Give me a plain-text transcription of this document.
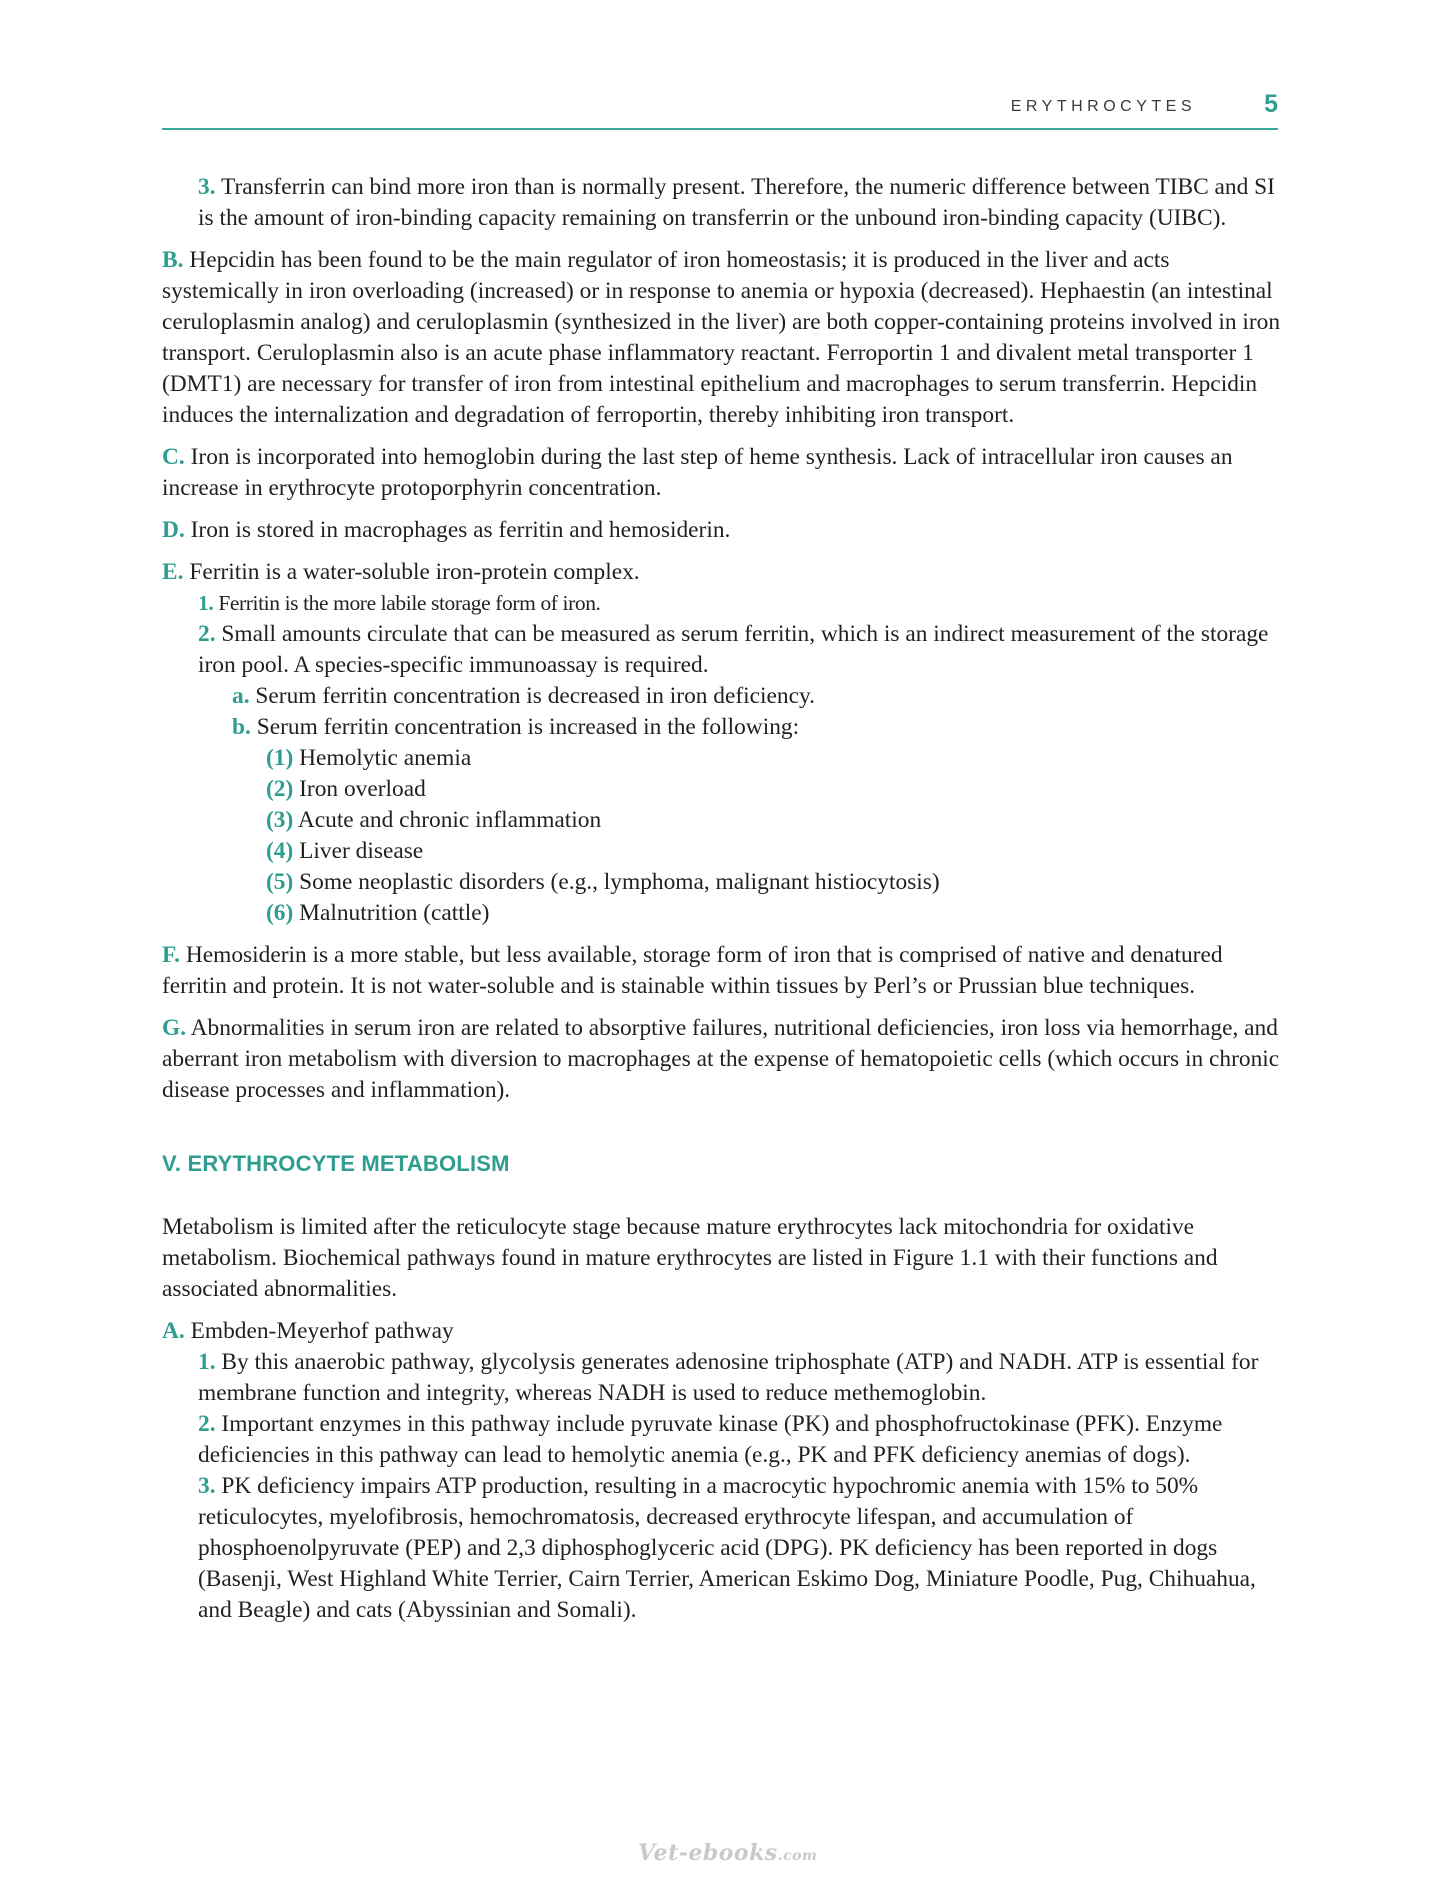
ERYTHROCYTES	5

3. Transferrin can bind more iron than is normally present. Therefore, the numeric difference between TIBC and SI is the amount of iron-binding capacity remaining on transferrin or the unbound iron-binding capacity (UIBC).

B. Hepcidin has been found to be the main regulator of iron homeostasis; it is produced in the liver and acts systemically in iron overloading (increased) or in response to anemia or hypoxia (decreased). Hephaestin (an intestinal ceruloplasmin analog) and ceruloplasmin (synthesized in the liver) are both copper-containing proteins involved in iron transport. Ceruloplasmin also is an acute phase inflammatory reactant. Ferroportin 1 and divalent metal transporter 1 (DMT1) are necessary for transfer of iron from intestinal epithelium and macrophages to serum transferrin. Hepcidin induces the internalization and degradation of ferroportin, thereby inhibiting iron transport.

C. Iron is incorporated into hemoglobin during the last step of heme synthesis. Lack of intracellular iron causes an increase in erythrocyte protoporphyrin concentration.

D. Iron is stored in macrophages as ferritin and hemosiderin.

E. Ferritin is a water-soluble iron-protein complex.

1. Ferritin is the more labile storage form of iron.

2. Small amounts circulate that can be measured as serum ferritin, which is an indirect measurement of the storage iron pool. A species-specific immunoassay is required.

a. Serum ferritin concentration is decreased in iron deficiency.

b. Serum ferritin concentration is increased in the following:

(1) Hemolytic anemia

(2) Iron overload

(3) Acute and chronic inflammation

(4) Liver disease

(5) Some neoplastic disorders (e.g., lymphoma, malignant histiocytosis)

(6) Malnutrition (cattle)

F. Hemosiderin is a more stable, but less available, storage form of iron that is comprised of native and denatured ferritin and protein. It is not water-soluble and is stainable within tissues by Perl’s or Prussian blue techniques.

G. Abnormalities in serum iron are related to absorptive failures, nutritional deficiencies, iron loss via hemorrhage, and aberrant iron metabolism with diversion to macrophages at the expense of hematopoietic cells (which occurs in chronic disease processes and inflammation).

V. ERYTHROCYTE METABOLISM

Metabolism is limited after the reticulocyte stage because mature erythrocytes lack mitochondria for oxidative metabolism. Biochemical pathways found in mature erythrocytes are listed in Figure 1.1 with their functions and associated abnormalities.

A. Embden-Meyerhof pathway

1. By this anaerobic pathway, glycolysis generates adenosine triphosphate (ATP) and NADH. ATP is essential for membrane function and integrity, whereas NADH is used to reduce methemoglobin.

2. Important enzymes in this pathway include pyruvate kinase (PK) and phosphofructokinase (PFK). Enzyme deficiencies in this pathway can lead to hemolytic anemia (e.g., PK and PFK deficiency anemias of dogs).

3. PK deficiency impairs ATP production, resulting in a macrocytic hypochromic anemia with 15% to 50% reticulocytes, myelofibrosis, hemochromatosis, decreased erythrocyte lifespan, and accumulation of phosphoenolpyruvate (PEP) and 2,3 diphosphoglyceric acid (DPG). PK deficiency has been reported in dogs (Basenji, West Highland White Terrier, Cairn Terrier, American Eskimo Dog, Miniature Poodle, Pug, Chihuahua, and Beagle) and cats (Abyssinian and Somali).

Vet-ebooks.com
